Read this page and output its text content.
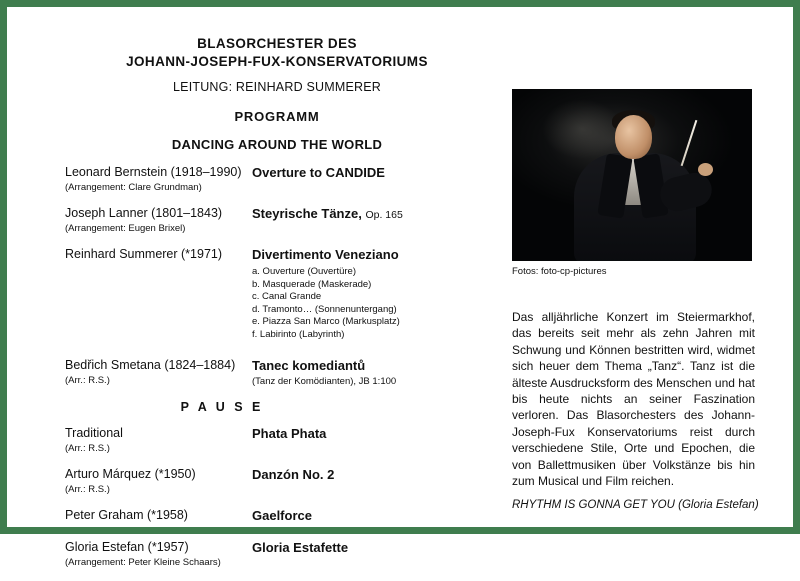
BLASORCHESTER DES
JOHANN-JOSEPH-FUX-KONSERVATORIUMS
LEITUNG: REINHARD SUMMERER
PROGRAMM
DANCING AROUND THE WORLD
Leonard Bernstein (1918–1990)
(Arrangement: Clare Grundman)
Overture to CANDIDE
Joseph Lanner (1801–1843)
(Arrangement: Eugen Brixel)
Steyrische Tänze, Op. 165
Reinhard Summerer (*1971)	Divertimento Veneziano
a. Ouverture (Ouvertüre)
b. Masquerade (Maskerade)
c. Canal Grande
d. Tramonto… (Sonnenuntergang)
e. Piazza San Marco (Markusplatz)
f. Labirinto (Labyrinth)
Bedřich Smetana (1824–1884)
(Arr.: R.S.)
Tanec komediantů
(Tanz der Komödianten), JB 1:100
P A U S E
Traditional
(Arr.: R.S.)
Phata Phata
Arturo Márquez (*1950)
(Arr.: R.S.)
Danzón No. 2
Peter Graham (*1958)	Gaelforce
Gloria Estefan (*1957)
(Arrangement: Peter Kleine Schaars)
Gloria Estafette
Fotos: foto-cp-pictures
Das alljährliche Konzert im Steiermarkhof, das bereits seit mehr als zehn Jahren mit Schwung und Können bestritten wird, widmet sich heuer dem Thema „Tanz“. Tanz ist die älteste Ausdrucksform des Menschen und hat bis heute nichts an seiner Faszination verloren. Das Blasorchesters des Johann-Joseph-Fux Konservatoriums reist durch verschiedene Stile, Orte und Epochen, die von Ballettmusiken über Volkstänze bis hin zum Musical und Film reichen.
RHYTHM IS GONNA GET YOU (Gloria Estefan)
